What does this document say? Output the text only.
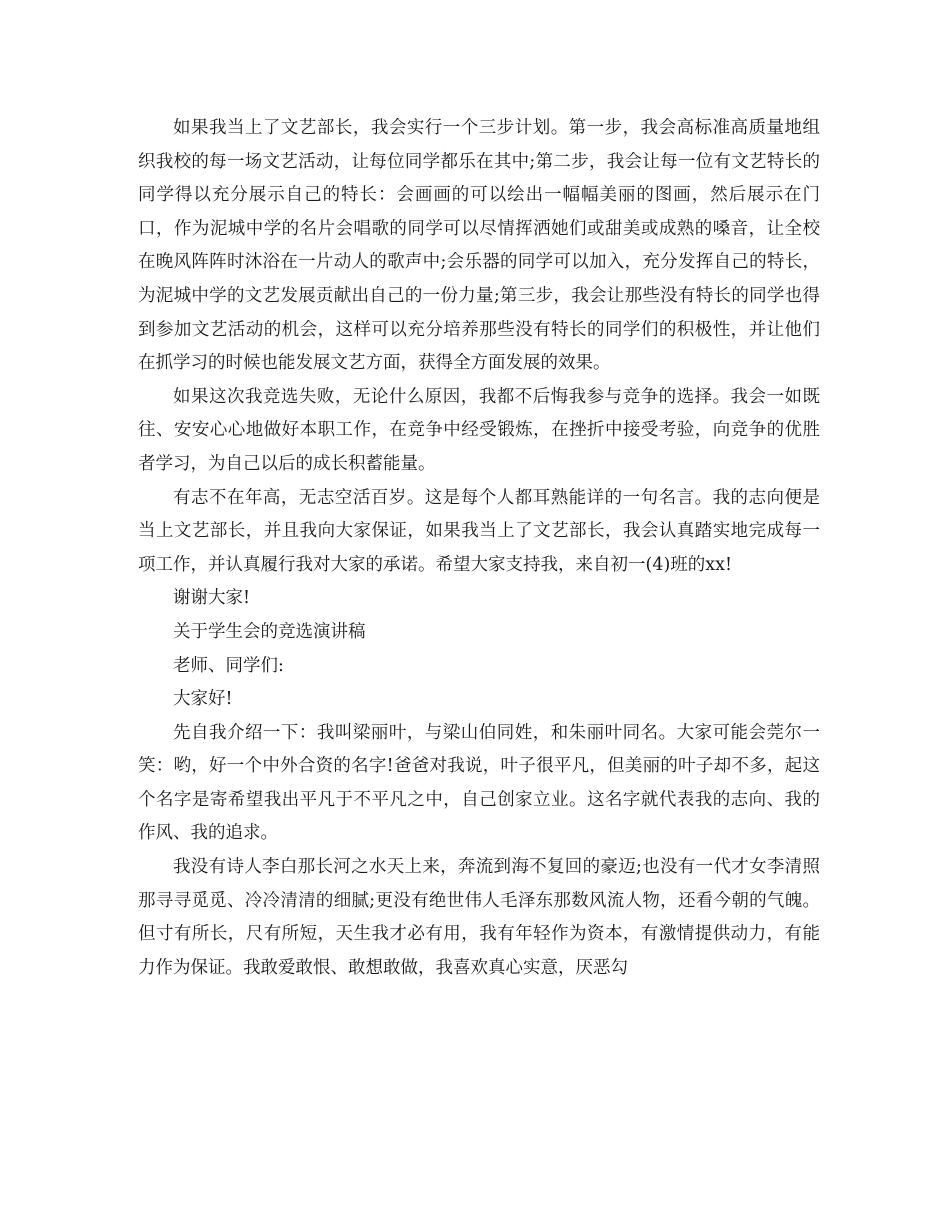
如果我当上了文艺部长，我会实行一个三步计划。第一步，我会高标准高质量地组织我校的每一场文艺活动，让每位同学都乐在其中;第二步，我会让每一位有文艺特长的同学得以充分展示自己的特长：会画画的可以绘出一幅幅美丽的图画，然后展示在门口，作为泥城中学的名片会唱歌的同学可以尽情挥洒她们或甜美或成熟的嗓音，让全校在晚风阵阵时沐浴在一片动人的歌声中;会乐器的同学可以加入，充分发挥自己的特长，为泥城中学的文艺发展贡献出自己的一份力量;第三步，我会让那些没有特长的同学也得到参加文艺活动的机会，这样可以充分培养那些没有特长的同学们的积极性，并让他们在抓学习的时候也能发展文艺方面，获得全方面发展的效果。

如果这次我竞选失败，无论什么原因，我都不后悔我参与竞争的选择。我会一如既往、安安心心地做好本职工作，在竞争中经受锻炼，在挫折中接受考验，向竞争的优胜者学习，为自己以后的成长积蓄能量。

有志不在年高，无志空活百岁。这是每个人都耳熟能详的一句名言。我的志向便是当上文艺部长，并且我向大家保证，如果我当上了文艺部长，我会认真踏实地完成每一项工作，并认真履行我对大家的承诺。希望大家支持我，来自初一(4)班的xx!

谢谢大家!

关于学生会的竞选演讲稿

老师、同学们:

大家好!

先自我介绍一下：我叫梁丽叶，与梁山伯同姓，和朱丽叶同名。大家可能会莞尔一笑：哟，好一个中外合资的名字!爸爸对我说，叶子很平凡，但美丽的叶子却不多，起这个名字是寄希望我出平凡于不平凡之中，自己创家立业。这名字就代表我的志向、我的作风、我的追求。

我没有诗人李白那长河之水天上来，奔流到海不复回的豪迈;也没有一代才女李清照那寻寻觅觅、冷冷清清的细腻;更没有绝世伟人毛泽东那数风流人物，还看今朝的气魄。但寸有所长，尺有所短，天生我才必有用，我有年轻作为资本，有激情提供动力，有能力作为保证。我敢爱敢恨、敢想敢做，我喜欢真心实意，厌恶勾
